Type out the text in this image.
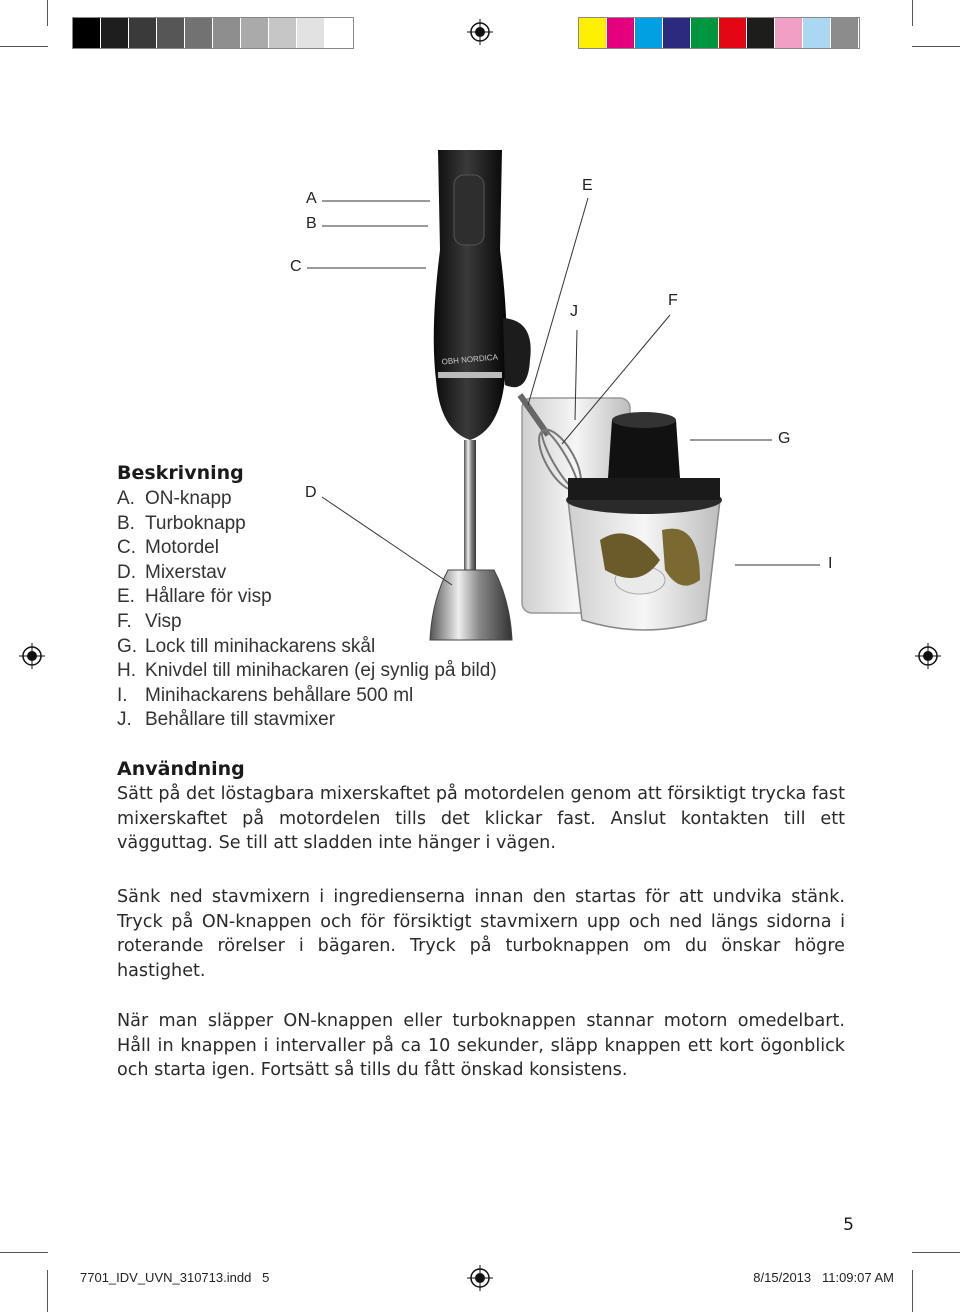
OBH NORDICA
A
B
C
D
E
F
G
I
J
Beskrivning
A. ON-knapp
B. Turboknapp
C. Motordel
D. Mixerstav
E. Hållare för visp
F. Visp
G. Lock till minihackarens skål
H. Knivdel till minihackaren (ej synlig på bild)
I. Minihackarens behållare 500 ml
J. Behållare till stavmixer
Användning

Sätt på det löstagbara mixerskaftet på motordelen genom att försiktigt trycka fast mixerskaftet på motordelen tills det klickar fast. Anslut kontakten till ett vägguttag. Se till att sladden inte hänger i vägen.

Sänk ned stavmixern i ingredienserna innan den startas för att undvika stänk. Tryck på ON-knappen och för försiktigt stavmixern upp och ned längs sidorna i roterande rörelser i bägaren. Tryck på turboknappen om du önskar högre hastighet.

När man släpper ON-knappen eller turboknappen stannar motorn omedelbart. Håll in knappen i intervaller på ca 10 sekunder, släpp knappen ett kort ögonblick och starta igen. Fortsätt så tills du fått önskad konsistens.

5
7701_IDV_UVN_310713.indd   5	8/15/2013   11:09:07 AM
